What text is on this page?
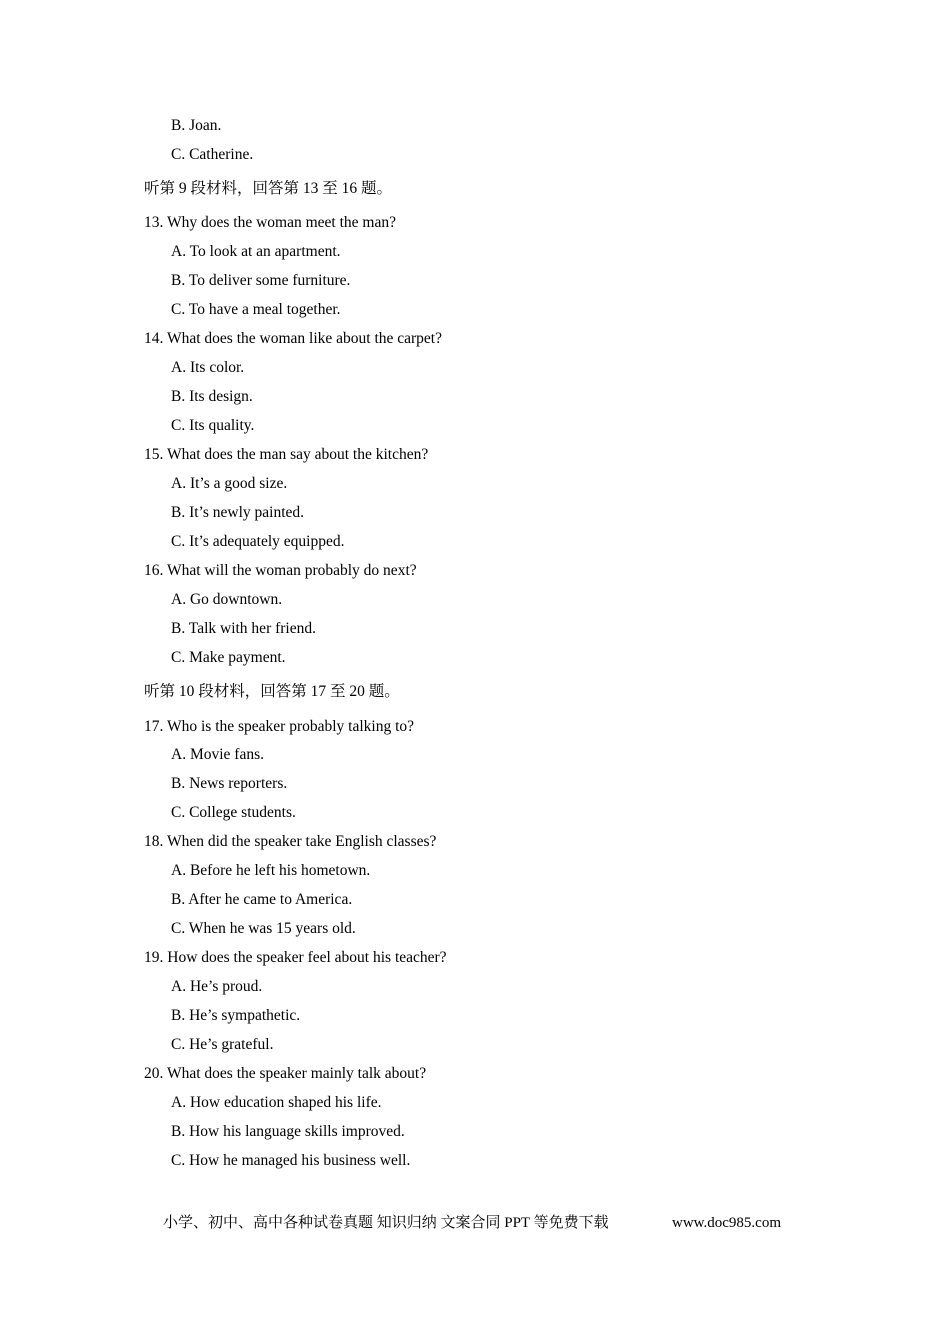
B. Joan.
C. Catherine.
听第 9 段材料，回答第 13 至 16 题。
13. Why does the woman meet the man?
A. To look at an apartment.
B. To deliver some furniture.
C. To have a meal together.
14. What does the woman like about the carpet?
A. Its color.
B. Its design.
C. Its quality.
15. What does the man say about the kitchen?
A. It’s a good size.
B. It’s newly painted.
C. It’s adequately equipped.
16. What will the woman probably do next?
A. Go downtown.
B. Talk with her friend.
C. Make payment.
听第 10 段材料，回答第 17 至 20 题。
17. Who is the speaker probably talking to?
A. Movie fans.
B. News reporters.
C. College students.
18. When did the speaker take English classes?
A. Before he left his hometown.
B. After he came to America.
C. When he was 15 years old.
19. How does the speaker feel about his teacher?
A. He’s proud.
B. He’s sympathetic.
C. He’s grateful.
20. What does the speaker mainly talk about?
A. How education shaped his life.
B. How his language skills improved.
C. How he managed his business well.
小学、初中、高中各种试卷真题 知识归纳 文案合同 PPT 等免费下载	www.doc985.com
